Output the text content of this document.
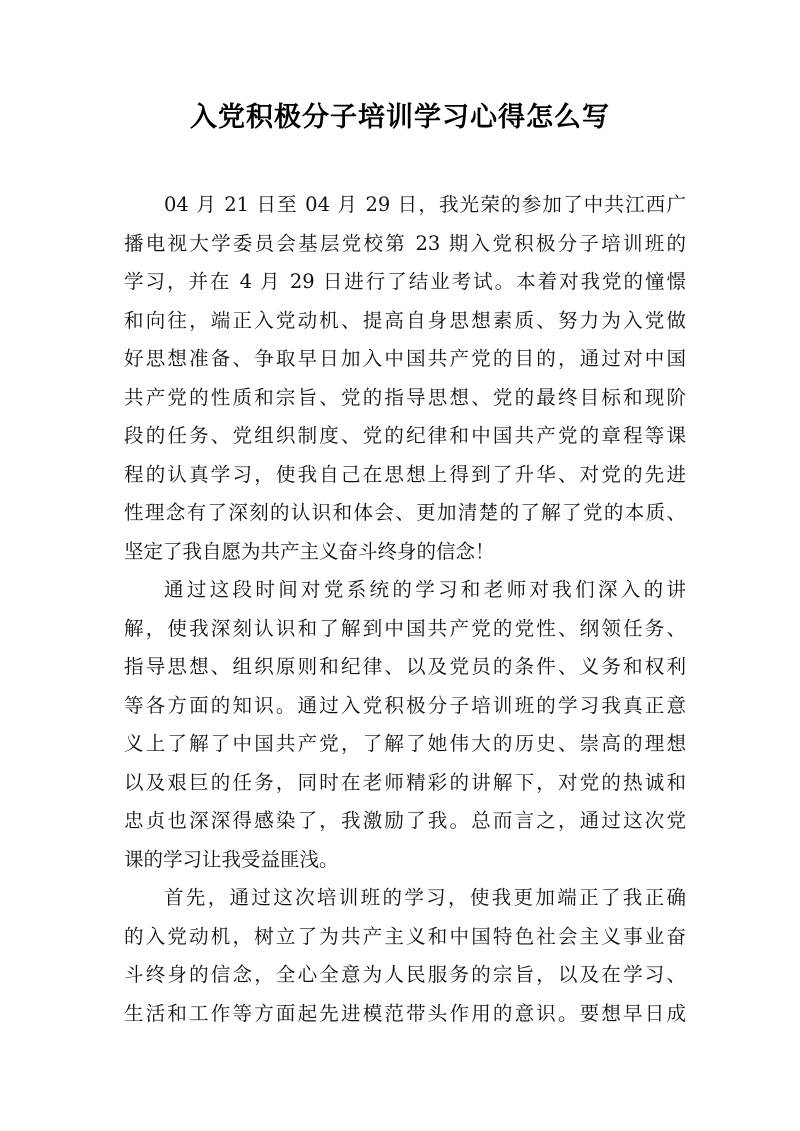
入党积极分子培训学习心得怎么写
04 月 21 日至 04 月 29 日，我光荣的参加了中共江西广
播电视大学委员会基层党校第 23 期入党积极分子培训班的
学习，并在 4 月 29 日进行了结业考试。本着对我党的憧憬
和向往，端正入党动机、提高自身思想素质、努力为入党做
好思想准备、争取早日加入中国共产党的目的，通过对中国
共产党的性质和宗旨、党的指导思想、党的最终目标和现阶
段的任务、党组织制度、党的纪律和中国共产党的章程等课
程的认真学习，使我自己在思想上得到了升华、对党的先进
性理念有了深刻的认识和体会、更加清楚的了解了党的本质、
坚定了我自愿为共产主义奋斗终身的信念！
通过这段时间对党系统的学习和老师对我们深入的讲
解，使我深刻认识和了解到中国共产党的党性、纲领任务、
指导思想、组织原则和纪律、以及党员的条件、义务和权利
等各方面的知识。通过入党积极分子培训班的学习我真正意
义上了解了中国共产党，了解了她伟大的历史、崇高的理想
以及艰巨的任务，同时在老师精彩的讲解下，对党的热诚和
忠贞也深深得感染了，我激励了我。总而言之，通过这次党
课的学习让我受益匪浅。
首先，通过这次培训班的学习，使我更加端正了我正确
的入党动机，树立了为共产主义和中国特色社会主义事业奋
斗终身的信念，全心全意为人民服务的宗旨，以及在学习、
生活和工作等方面起先进模范带头作用的意识。要想早日成
